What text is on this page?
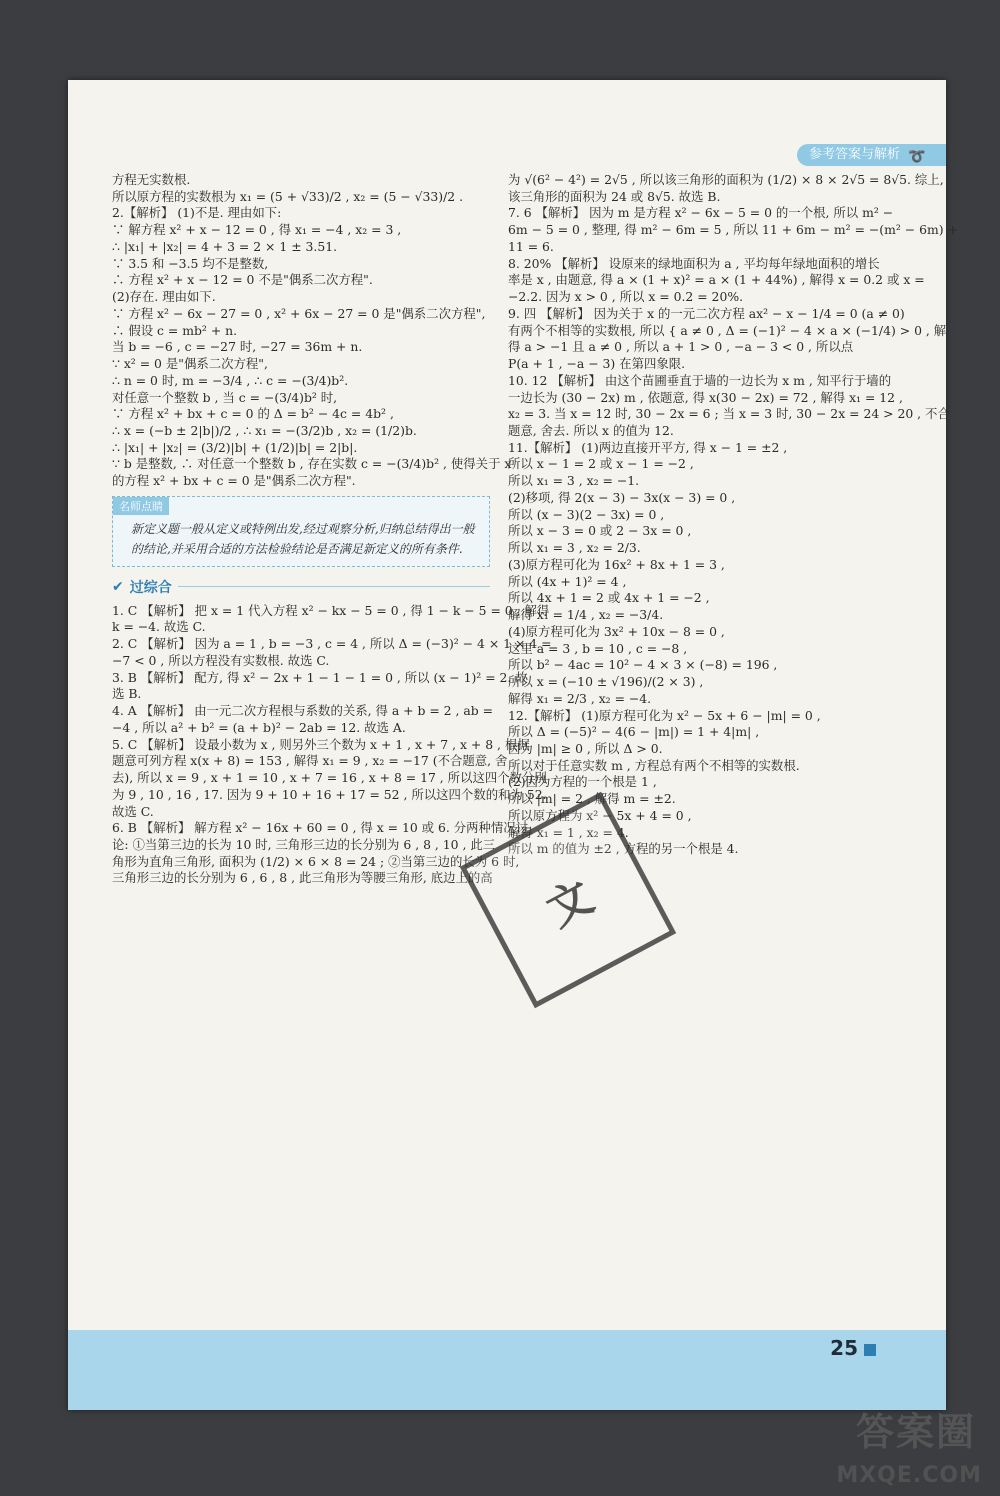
参考答案与解析 ➰

方程无实数根.

所以原方程的实数根为 x₁ = (5 + √33)/2 , x₂ = (5 − √33)/2 .

2.【解析】 (1)不是. 理由如下:

∵ 解方程 x² + x − 12 = 0 , 得 x₁ = −4 , x₂ = 3 ,

∴ |x₁| + |x₂| = 4 + 3 = 2 × 1 ± 3.51.

∵ 3.5 和 −3.5 均不是整数,

∴ 方程 x² + x − 12 = 0 不是"偶系二次方程".

(2)存在. 理由如下.

∵ 方程 x² − 6x − 27 = 0 , x² + 6x − 27 = 0 是"偶系二次方程",

∴ 假设 c = mb² + n.

当 b = −6 , c = −27 时, −27 = 36m + n.

∵ x² = 0 是"偶系二次方程",

∴ n = 0 时, m = −3/4 , ∴ c = −(3/4)b².

对任意一个整数 b , 当 c = −(3/4)b² 时,

∵ 方程 x² + bx + c = 0 的 Δ = b² − 4c = 4b² ,

∴ x = (−b ± 2|b|)/2 , ∴ x₁ = −(3/2)b , x₂ = (1/2)b.

∴ |x₁| + |x₂| = (3/2)|b| + (1/2)|b| = 2|b|.

∵ b 是整数, ∴ 对任意一个整数 b , 存在实数 c = −(3/4)b² , 使得关于 x

的方程 x² + bx + c = 0 是"偶系二次方程".

名师点睛
新定义题一般从定义或特例出发,经过观察分析,归纳总结得出一般的结论,并采用合适的方法检验结论是否满足新定义的所有条件.
✔ 过综合

1. C 【解析】 把 x = 1 代入方程 x² − kx − 5 = 0 , 得 1 − k − 5 = 0 , 解得

k = −4. 故选 C.

2. C 【解析】 因为 a = 1 , b = −3 , c = 4 , 所以 Δ = (−3)² − 4 × 1 × 4 =

−7 < 0 , 所以方程没有实数根. 故选 C.

3. B 【解析】 配方, 得 x² − 2x + 1 − 1 − 1 = 0 , 所以 (x − 1)² = 2. 故

选 B.

4. A 【解析】 由一元二次方程根与系数的关系, 得 a + b = 2 , ab =

−4 , 所以 a² + b² = (a + b)² − 2ab = 12. 故选 A.

5. C 【解析】 设最小数为 x , 则另外三个数为 x + 1 , x + 7 , x + 8 , 根据

题意可列方程 x(x + 8) = 153 , 解得 x₁ = 9 , x₂ = −17 (不合题意, 舍

去), 所以 x = 9 , x + 1 = 10 , x + 7 = 16 , x + 8 = 17 , 所以这四个数分别

为 9 , 10 , 16 , 17. 因为 9 + 10 + 16 + 17 = 52 , 所以这四个数的和为 52.

故选 C.

6. B 【解析】 解方程 x² − 16x + 60 = 0 , 得 x = 10 或 6. 分两种情况讨

论: ①当第三边的长为 10 时, 三角形三边的长分别为 6 , 8 , 10 , 此三

角形为直角三角形, 面积为 (1/2) × 6 × 8 = 24 ; ②当第三边的长为 6 时,

三角形三边的长分别为 6 , 6 , 8 , 此三角形为等腰三角形, 底边上的高

为 √(6² − 4²) = 2√5 , 所以该三角形的面积为 (1/2) × 8 × 2√5 = 8√5. 综上,

该三角形的面积为 24 或 8√5. 故选 B.

7. 6 【解析】 因为 m 是方程 x² − 6x − 5 = 0 的一个根, 所以 m² −

6m − 5 = 0 , 整理, 得 m² − 6m = 5 , 所以 11 + 6m − m² = −(m² − 6m) +

11 = 6.

8. 20% 【解析】 设原来的绿地面积为 a , 平均每年绿地面积的增长

率是 x , 由题意, 得 a × (1 + x)² = a × (1 + 44%) , 解得 x = 0.2 或 x =

−2.2. 因为 x > 0 , 所以 x = 0.2 = 20%.

9. 四 【解析】 因为关于 x 的一元二次方程 ax² − x − 1/4 = 0 (a ≠ 0)

有两个不相等的实数根, 所以 { a ≠ 0 , Δ = (−1)² − 4 × a × (−1/4) > 0 , 解

得 a > −1 且 a ≠ 0 , 所以 a + 1 > 0 , −a − 3 < 0 , 所以点

P(a + 1 , −a − 3) 在第四象限.

10. 12 【解析】 由这个苗圃垂直于墙的一边长为 x m , 知平行于墙的

一边长为 (30 − 2x) m , 依题意, 得 x(30 − 2x) = 72 , 解得 x₁ = 12 ,

x₂ = 3. 当 x = 12 时, 30 − 2x = 6 ; 当 x = 3 时, 30 − 2x = 24 > 20 , 不合

题意, 舍去. 所以 x 的值为 12.

11.【解析】 (1)两边直接开平方, 得 x − 1 = ±2 ,

所以 x − 1 = 2 或 x − 1 = −2 ,

所以 x₁ = 3 , x₂ = −1.

(2)移项, 得 2(x − 3) − 3x(x − 3) = 0 ,

所以 (x − 3)(2 − 3x) = 0 ,

所以 x − 3 = 0 或 2 − 3x = 0 ,

所以 x₁ = 3 , x₂ = 2/3.

(3)原方程可化为 16x² + 8x + 1 = 3 ,

所以 (4x + 1)² = 4 ,

所以 4x + 1 = 2 或 4x + 1 = −2 ,

解得 x₁ = 1/4 , x₂ = −3/4.

(4)原方程可化为 3x² + 10x − 8 = 0 ,

这里 a = 3 , b = 10 , c = −8 ,

所以 b² − 4ac = 10² − 4 × 3 × (−8) = 196 ,

所以 x = (−10 ± √196)/(2 × 3) ,

解得 x₁ = 2/3 , x₂ = −4.

12.【解析】 (1)原方程可化为 x² − 5x + 6 − |m| = 0 ,

所以 Δ = (−5)² − 4(6 − |m|) = 1 + 4|m| ,

因为 |m| ≥ 0 , 所以 Δ > 0.

所以对于任意实数 m , 方程总有两个不相等的实数根.

(2)因为方程的一个根是 1 ,

所以 |m| = 2 , 解得 m = ±2.

所以原方程为 x² − 5x + 4 = 0 ,

解得 x₁ = 1 , x₂ = 4.

所以 m 的值为 ±2 , 方程的另一个根是 4.

文
25
答案圈
MXQE.COM
